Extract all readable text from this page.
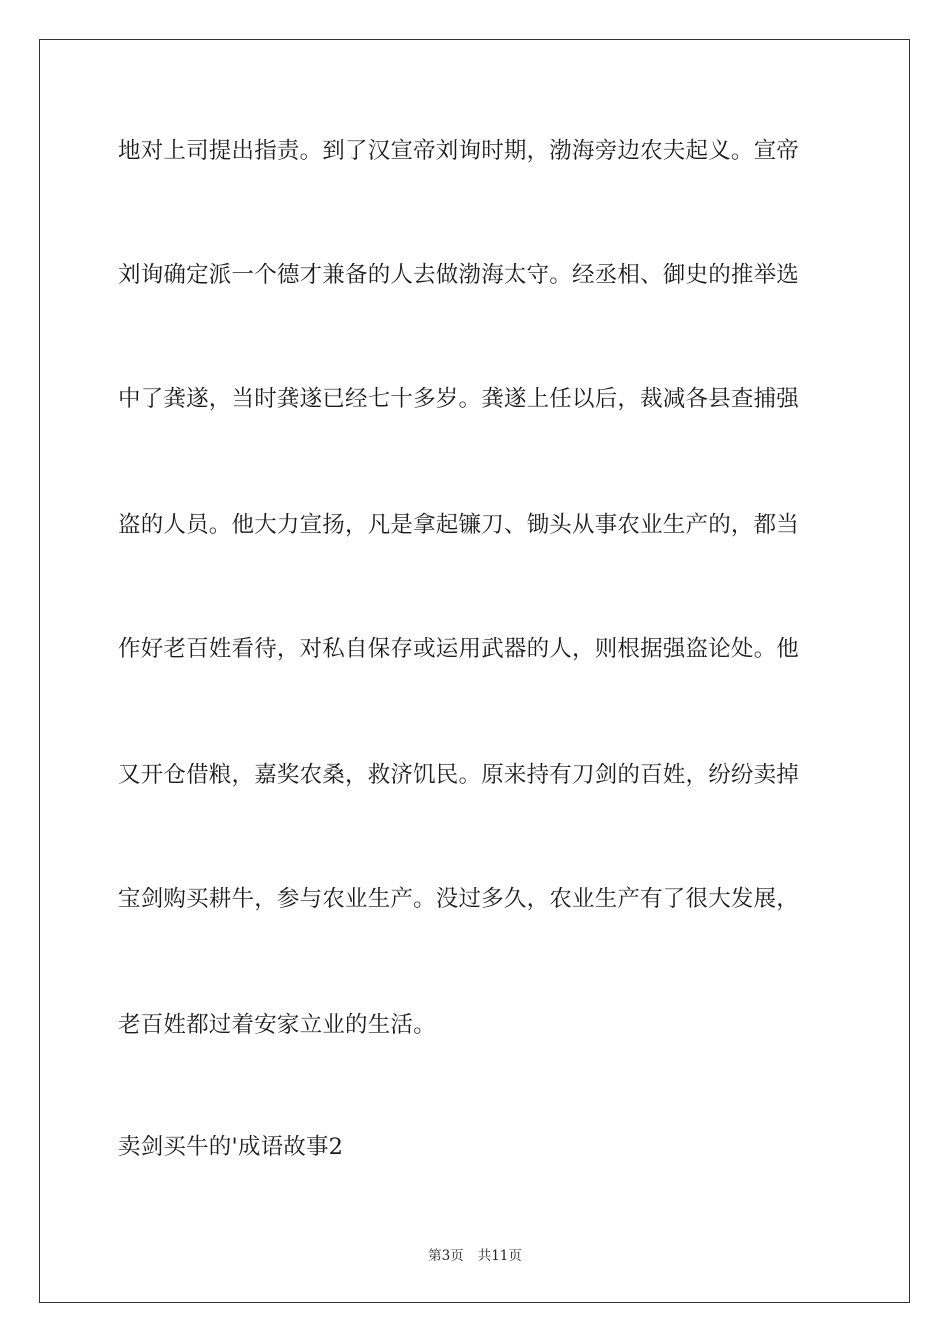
地对上司提出指责。到了汉宣帝刘询时期，渤海旁边农夫起义。宣帝
刘询确定派一个德才兼备的人去做渤海太守。经丞相、御史的推举选
中了龚遂，当时龚遂已经七十多岁。龚遂上任以后，裁减各县查捕强
盗的人员。他大力宣扬，凡是拿起镰刀、锄头从事农业生产的，都当
作好老百姓看待，对私自保存或运用武器的人，则根据强盗论处。他
又开仓借粮，嘉奖农桑，救济饥民。原来持有刀剑的百姓，纷纷卖掉
宝剑购买耕牛，参与农业生产。没过多久，农业生产有了很大发展，
老百姓都过着安家立业的生活。
卖剑买牛的'成语故事2
第3页 共11页
